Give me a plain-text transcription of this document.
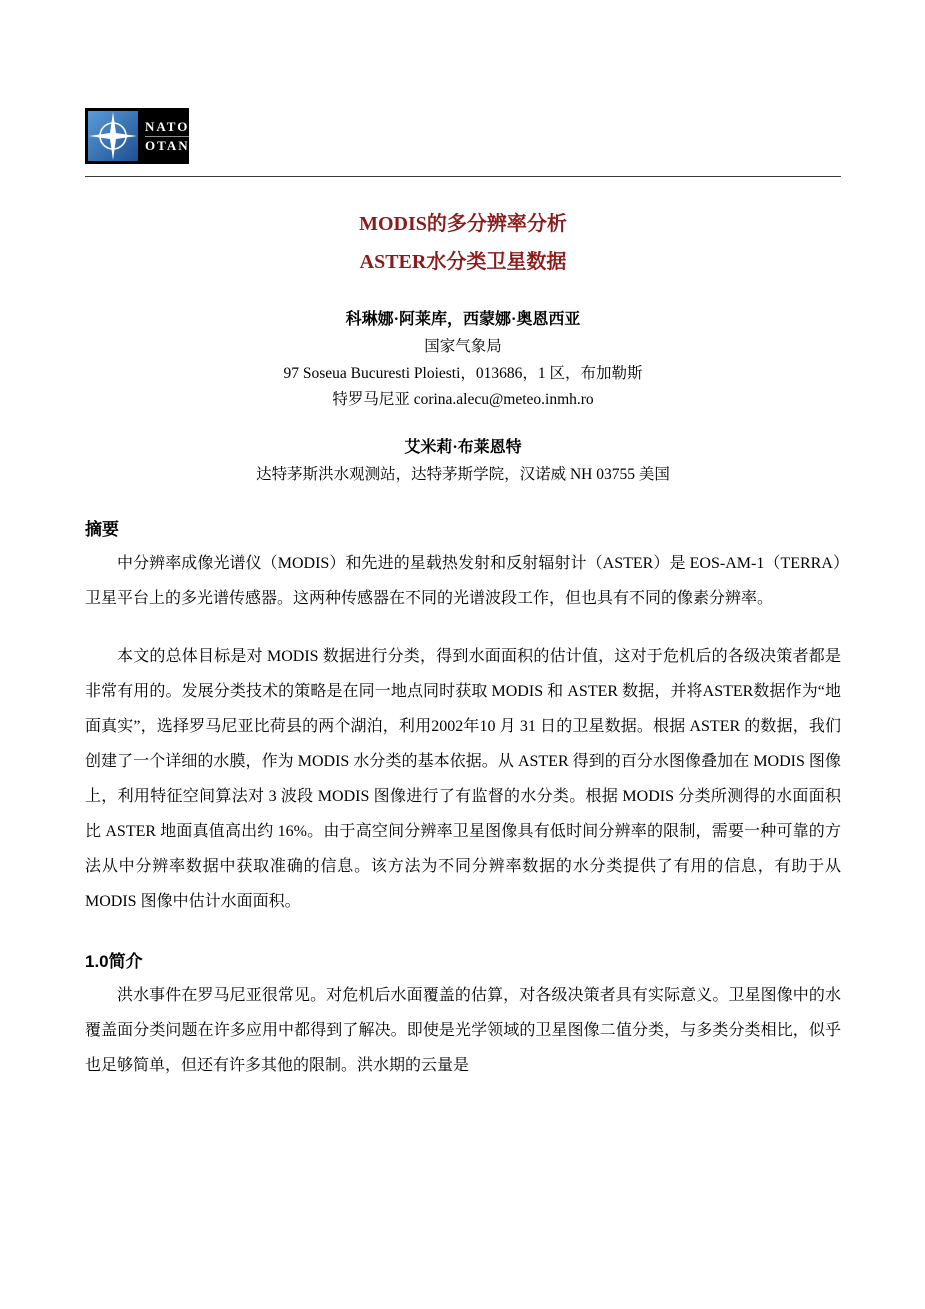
NATO
OTAN
MODIS的多分辨率分析
ASTER水分类卫星数据
科琳娜·阿莱库，西蒙娜·奥恩西亚
国家气象局
97 Soseua Bucuresti Ploiesti，013686，1 区，布加勒斯
特罗马尼亚 corina.alecu@meteo.inmh.ro
艾米莉·布莱恩特
达特茅斯洪水观测站，达特茅斯学院，汉诺威 NH 03755 美国
摘要

中分辨率成像光谱仪（MODIS）和先进的星载热发射和反射辐射计（ASTER）是 EOS-AM-1（TERRA）卫星平台上的多光谱传感器。这两种传感器在不同的光谱波段工作，但也具有不同的像素分辨率。

本文的总体目标是对 MODIS 数据进行分类，得到水面面积的估计值，这对于危机后的各级决策者都是非常有用的。发展分类技术的策略是在同一地点同时获取 MODIS 和 ASTER 数据，并将ASTER数据作为“地面真实”，选择罗马尼亚比荷县的两个湖泊，利用2002年10 月 31 日的卫星数据。根据 ASTER 的数据，我们创建了一个详细的水膜，作为 MODIS 水分类的基本依据。从 ASTER 得到的百分水图像叠加在 MODIS 图像上，利用特征空间算法对 3 波段 MODIS 图像进行了有监督的水分类。根据 MODIS 分类所测得的水面面积比 ASTER 地面真值高出约 16%。由于高空间分辨率卫星图像具有低时间分辨率的限制，需要一种可靠的方法从中分辨率数据中获取准确的信息。该方法为不同分辨率数据的水分类提供了有用的信息，有助于从 MODIS 图像中估计水面面积。

1.0简介

洪水事件在罗马尼亚很常见。对危机后水面覆盖的估算，对各级决策者具有实际意义。卫星图像中的水覆盖面分类问题在许多应用中都得到了解决。即使是光学领域的卫星图像二值分类，与多类分类相比，似乎也足够简单，但还有许多其他的限制。洪水期的云量是
